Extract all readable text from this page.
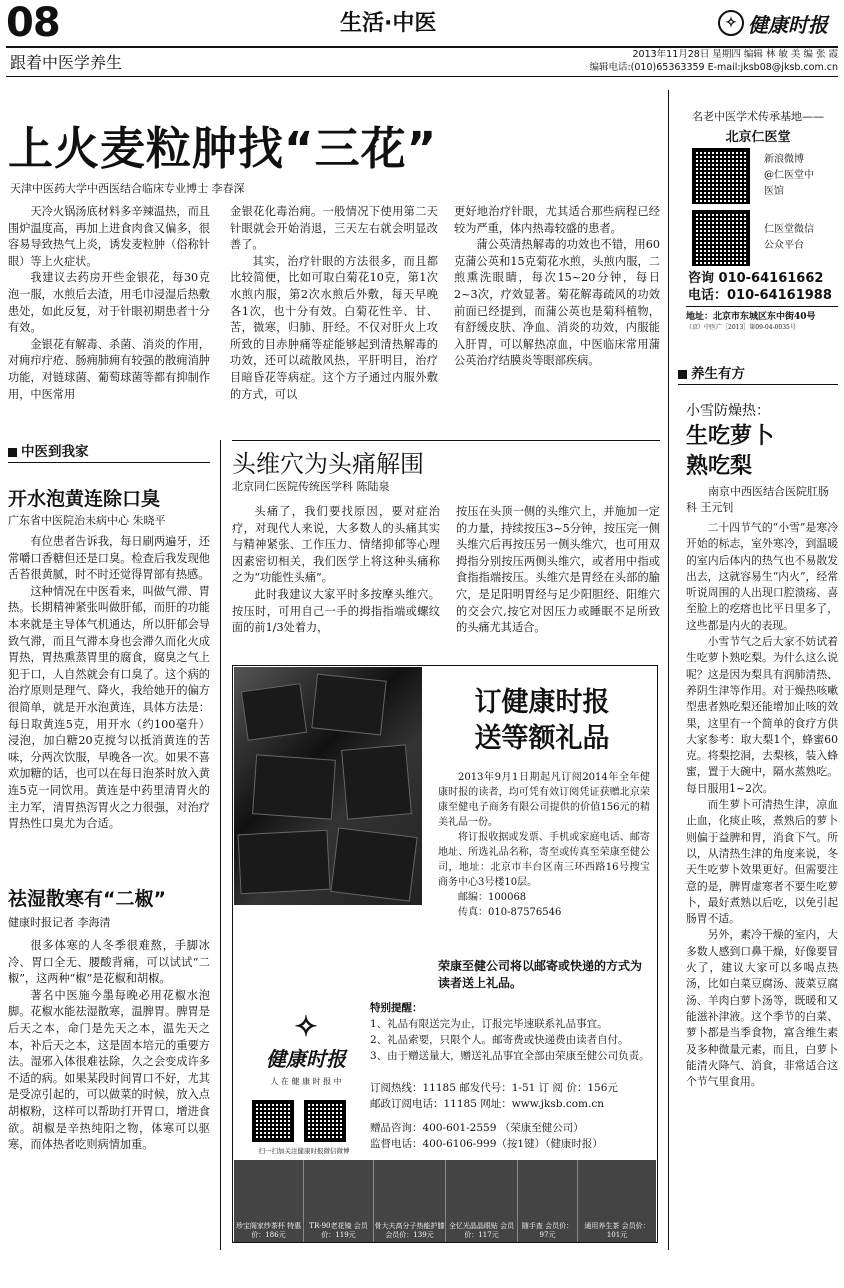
08	生活·中医	✧ 健康时报
跟着中医学养生	2013年11月28日 星期四 编辑 林 敏 美 编 张 霞
编辑电话:(010)65363359 E-mail:jksb08@jksb.com.cn
上火麦粒肿找“三花”
天津中医药大学中西医结合临床专业博士 李春深

天冷火锅汤底材料多辛辣温热，而且围炉温度高，再加上进食肉食又偏多，很容易导致热气上炎，诱发麦粒肿（俗称针眼）等上火症状。

我建议去药房开些金银花，每30克泡一服，水煎后去渣，用毛巾浸湿后热敷患处，如此反复，对于针眼初期患者十分有效。

金银花有解毒、杀菌、消炎的作用，对痈疖疔疮、肠痈肺痈有较强的散痈消肿功能，对链球菌、葡萄球菌等都有抑制作用，中医常用

金银花化毒治痈。一般情况下使用第二天针眼就会开始消退，三天左右就会明显改善了。

其实，治疗针眼的方法很多，而且都比较简便，比如可取白菊花10克，第1次水煎内服，第2次水煎后外敷，每天早晚各1次，也十分有效。白菊花性辛、甘、苦，微寒，归肺、肝经。不仅对肝火上攻所致的目赤肿痛等症能够起到清热解毒的功效，还可以疏散风热，平肝明目，治疗目暗昏花等病症。这个方子通过内服外敷的方式，可以

更好地治疗针眼，尤其适合那些病程已经较为严重，体内热毒较盛的患者。

蒲公英清热解毒的功效也不错，用60克蒲公英和15克菊花水煎，头煎内服，二煎熏洗眼睛，每次15~20分钟，每日2~3次，疗效显著。菊花解毒疏风的功效前面已经提到，而蒲公英也是菊科植物，有舒缓皮肤、净血、消炎的功效，内服能入肝胃，可以解热凉血，中医临床常用蒲公英治疗结膜炎等眼部疾病。

中医到我家
开水泡黄连除口臭
广东省中医院治未病中心 朱晓平

有位患者告诉我，每日刷两遍牙，还常嚼口香糖但还是口臭。检查后我发现他舌苔很黄腻，时不时还觉得胃部有热感。

这种情况在中医看来，叫做气滞、胃热。长期精神紧张叫做肝郁，而肝的功能本来就是主导体气机通达，所以肝郁会导致气滞，而且气滞本身也会滞久而化火成胃热，胃热熏蒸胃里的腐食，腐臭之气上犯于口，人自然就会有口臭了。这个病的治疗原则是理气、降火，我给她开的偏方很简单，就是开水泡黄连，具体方法是：每日取黄连5克，用开水（约100毫升）浸泡，加白糖20克搅匀以抵消黄连的苦味，分两次饮服，早晚各一次。如果不喜欢加糖的话，也可以在每日泡茶时放入黄连5克一同饮用。黄连是中药里清胃火的主力军，清胃热泻胃火之力很强，对治疗胃热性口臭尤为合适。

祛湿散寒有“二椒”
健康时报记者 李海清

很多体寒的人冬季很难熬，手脚冰冷、胃口全无、腰酸背痛，可以试试“二椒”，这两种“椒”是花椒和胡椒。

著名中医施今墨每晚必用花椒水泡脚。花椒水能祛湿散寒，温脾胃。脾胃是后天之本，命门是先天之本，温先天之本，补后天之本，这是固本培元的重要方法。湿邪入体很难祛除，久之会变成许多不适的病。如果某段时间胃口不好，尤其是受凉引起的，可以做菜的时候，放入点胡椒粉，这样可以帮助打开胃口，增进食欲。胡椒是辛热纯阳之物，体寒可以驱寒，而体热者吃则病情加重。

头维穴为头痛解围
北京同仁医院传统医学科 陈陆泉

头痛了，我们要找原因，要对症治疗，对现代人来说，大多数人的头痛其实与精神紧张、工作压力、情绪抑郁等心理因素密切相关，我们医学上将这种头痛称之为“功能性头痛”。

此时我建议大家平时多按摩头维穴。按压时，可用自己一手的拇指指端或螺纹面的前1/3处着力，

按压在头顶一侧的头维穴上，并施加一定的力量，持续按压3~5分钟，按压完一侧头维穴后再按压另一侧头维穴，也可用双拇指分别按压两侧头维穴，或者用中指或食指指端按压。头维穴是胃经在头部的腧穴，是足阳明胃经与足少阳胆经、阳维穴的交会穴,按它对因压力或睡眠不足所致的头痛尤其适合。

订健康时报
送等额礼品

2013年9月1日期起凡订阅2014年全年健康时报的读者，均可凭有效订阅凭证获赠北京荣康至健电子商务有限公司提供的价值156元的精美礼品一份。

将订报收据或发票、手机或家庭电话、邮寄地址、所选礼品名称，寄至或传真至荣康至健公司，地址：北京市丰台区南三环西路16号搜宝商务中心3号楼10层。

邮编：100068

传真：010-87576546

荣康至健公司将以邮寄或快递的方式为读者送上礼品。
特别提醒：
1、礼品有限送完为止，订报完毕速联系礼品事宜。
2、礼品索要，只限个人。邮寄费或快递费由读者自付。
3、由于赠送量大，赠送礼品事宜全部由荣康至健公司负责。
✧
健康时报
人 在 健 康 时 报 中
扫一扫加关注健康时报微信微博
订阅热线：11185 邮发代号：1-51 订 阅 价：156元
邮政订阅电话：11185 网址：www.jksb.com.cn
赠品咨询：400-601-2559 （荣康至健公司）
监督电话：400-6106-999（按1键）（健康时报）
珍宝阁家纱茶杯 特惠价：186元
TR-90老花镜 会员价：119元
骨大夫高分子热能护膝 会员价：139元
全忆光晶晶眼贴 会员价：117元
随手查 会员价：97元
通用养生茶 会员价：101元
名老中医学术传承基地——
北京仁医堂
新浪微博
@仁医堂中
医馆
仁医堂微信
公众平台
咨询 010-64161662
电话：010-64161988
地址：北京市东城区东中街40号
（京）中医广［2013］第09-04-0035号
养生有方
小雪防燥热：
生吃萝卜
熟吃梨
南京中西医结合医院肛肠科 王元钊

二十四节气的“小雪”是寒冷开始的标志，室外寒冷，到温暖的室内后体内的热气也不易散发出去，这就容易生“内火”，经常听说周围的人出现口腔溃疡、喜至脸上的疙瘩也比平日里多了，这些都是内火的表现。

小雪节气之后大家不妨试着生吃萝卜熟吃梨。为什么这么说呢？这是因为梨具有润肺清热、养阴生津等作用。对于燥热咳嗽型患者熟吃梨还能增加止咳的效果，这里有一个简单的食疗方供大家参考：取大梨1个，蜂蜜60克。将梨挖洞，去梨核，装入蜂蜜，置于大碗中，隔水蒸熟吃。每日服用1~2次。

而生萝卜可清热生津，凉血止血，化痰止咳，煮熟后的萝卜则偏于益脾和胃，消食下气。所以，从清热生津的角度来说，冬天生吃萝卜效果更好。但需要注意的是，脾胃虚寒者不要生吃萝卜，最好煮熟以后吃，以免引起肠胃不适。

另外，素冷干燥的室内，大多数人感到口鼻干燥，好像要冒火了，建议大家可以多喝点热汤，比如白菜豆腐汤、菠菜豆腐汤、羊肉白萝卜汤等，既暖和又能滋补津液。这个季节的白菜、萝卜都是当季食物，富含维生素及多种微量元素，而且，白萝卜能清火降气、消食，非常适合这个节气里食用。
